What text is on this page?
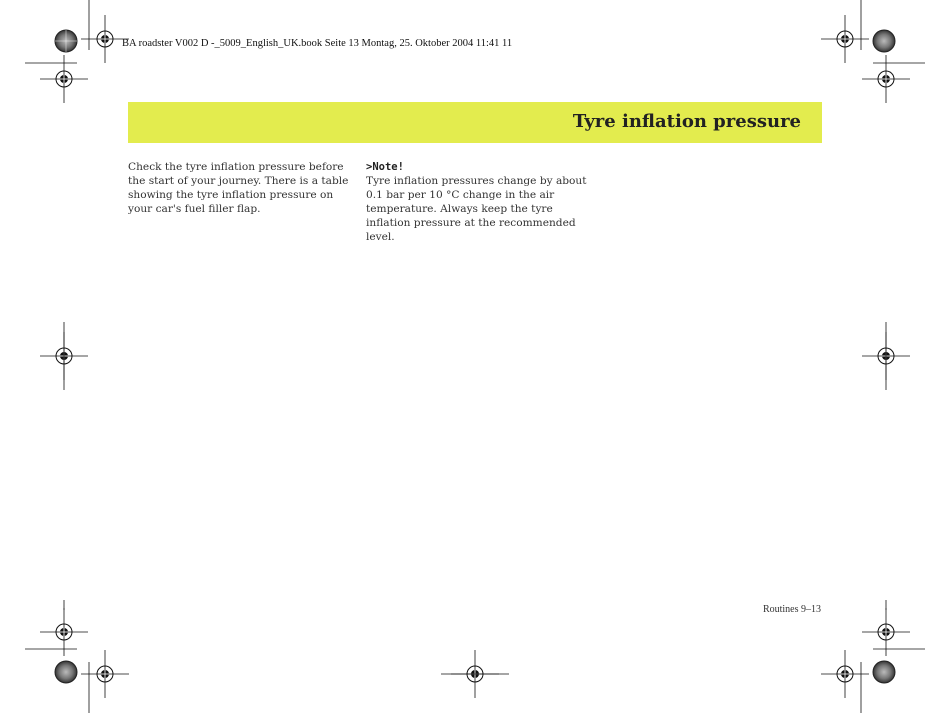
BA roadster V002 D -_5009_English_UK.book Seite 13 Montag, 25. Oktober 2004 11:41 11
Tyre inflation pressure

Check the tyre inflation pressure before

the start of your journey. There is a table

showing the tyre inflation pressure on

your car's fuel filler flap.

>Note!

Tyre inflation pressures change by about

0.1 bar per 10 °C change in the air

temperature. Always keep the tyre

inflation pressure at the recommended

level.

Routines 9–13
